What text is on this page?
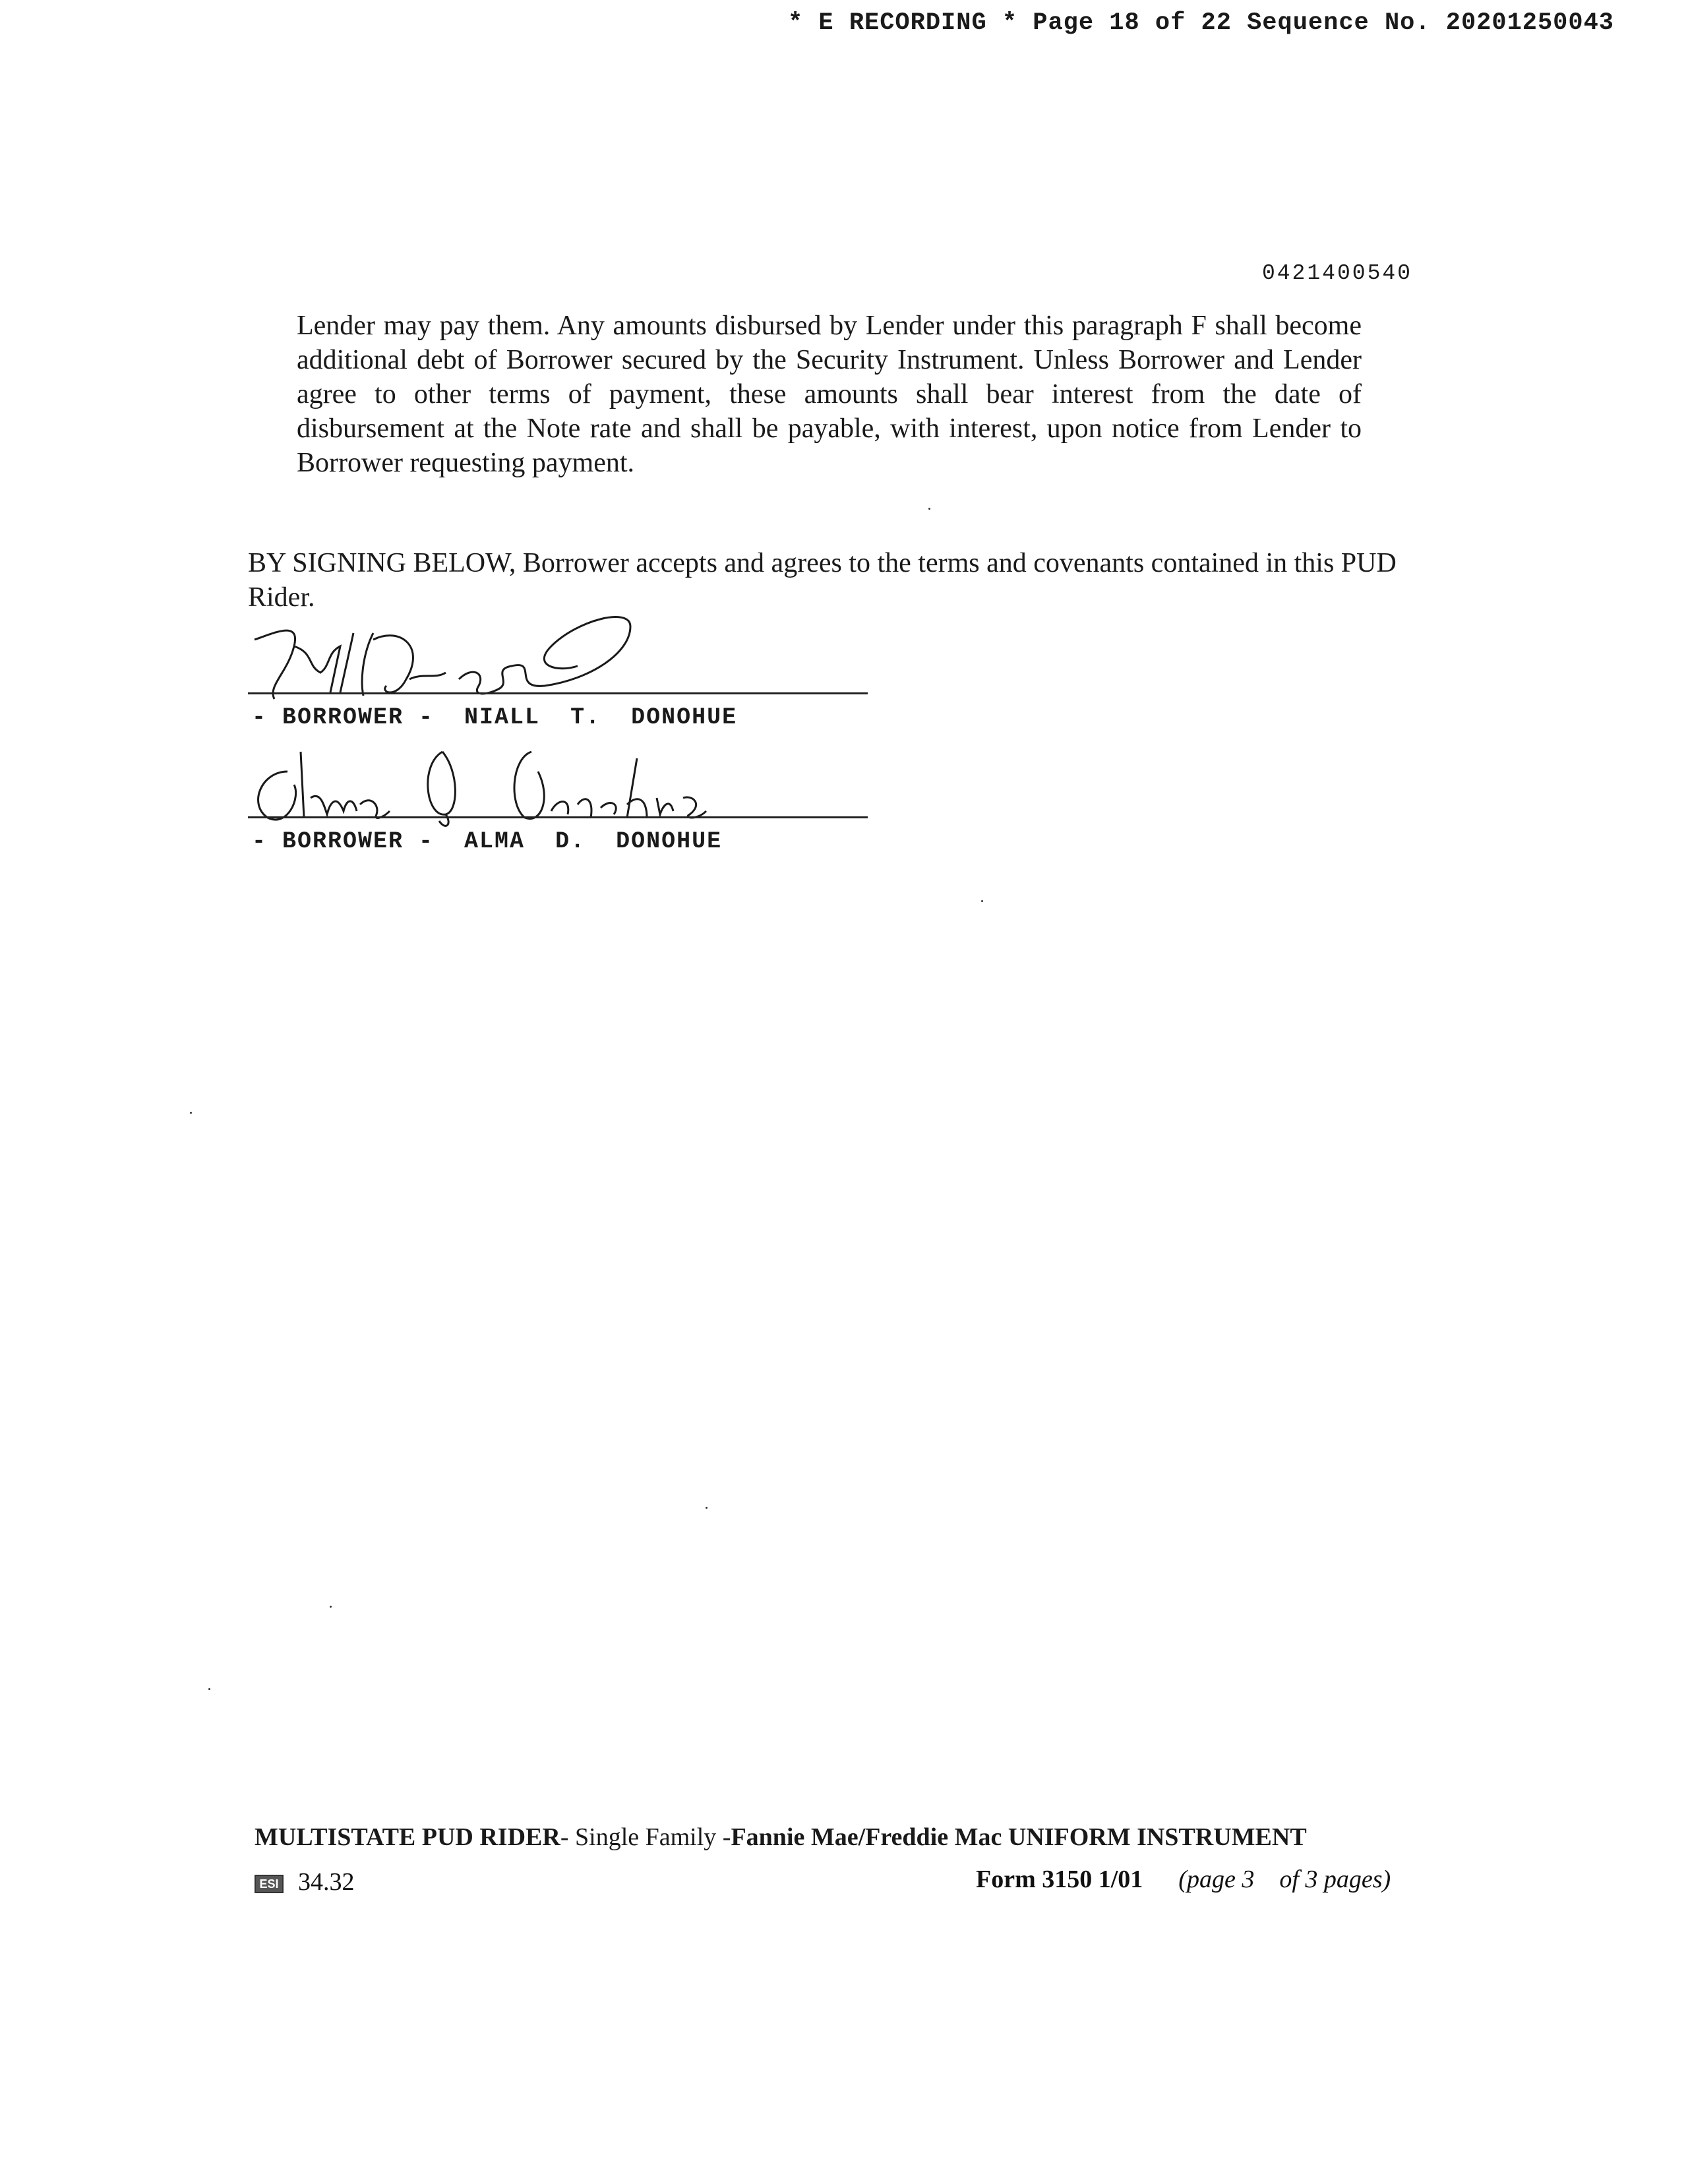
* E RECORDING * Page 18 of 22 Sequence No. 20201250043
0421400540
Lender may pay them. Any amounts disbursed by Lender under this paragraph F shall become additional debt of Borrower secured by the Security Instrument. Unless Borrower and Lender agree to other terms of payment, these amounts shall bear interest from the date of disbursement at the Note rate and shall be payable, with interest, upon notice from Lender to Borrower requesting payment.
BY SIGNING BELOW, Borrower accepts and agrees to the terms and covenants contained in this PUD Rider.
- BORROWER -  NIALL  T.  DONOHUE
- BORROWER -  ALMA  D.  DONOHUE
MULTISTATE PUD RIDER- Single Family -Fannie Mae/Freddie Mac UNIFORM INSTRUMENT
ESI 34.32	Form 3150 1/01 (page 3    of 3 pages)
